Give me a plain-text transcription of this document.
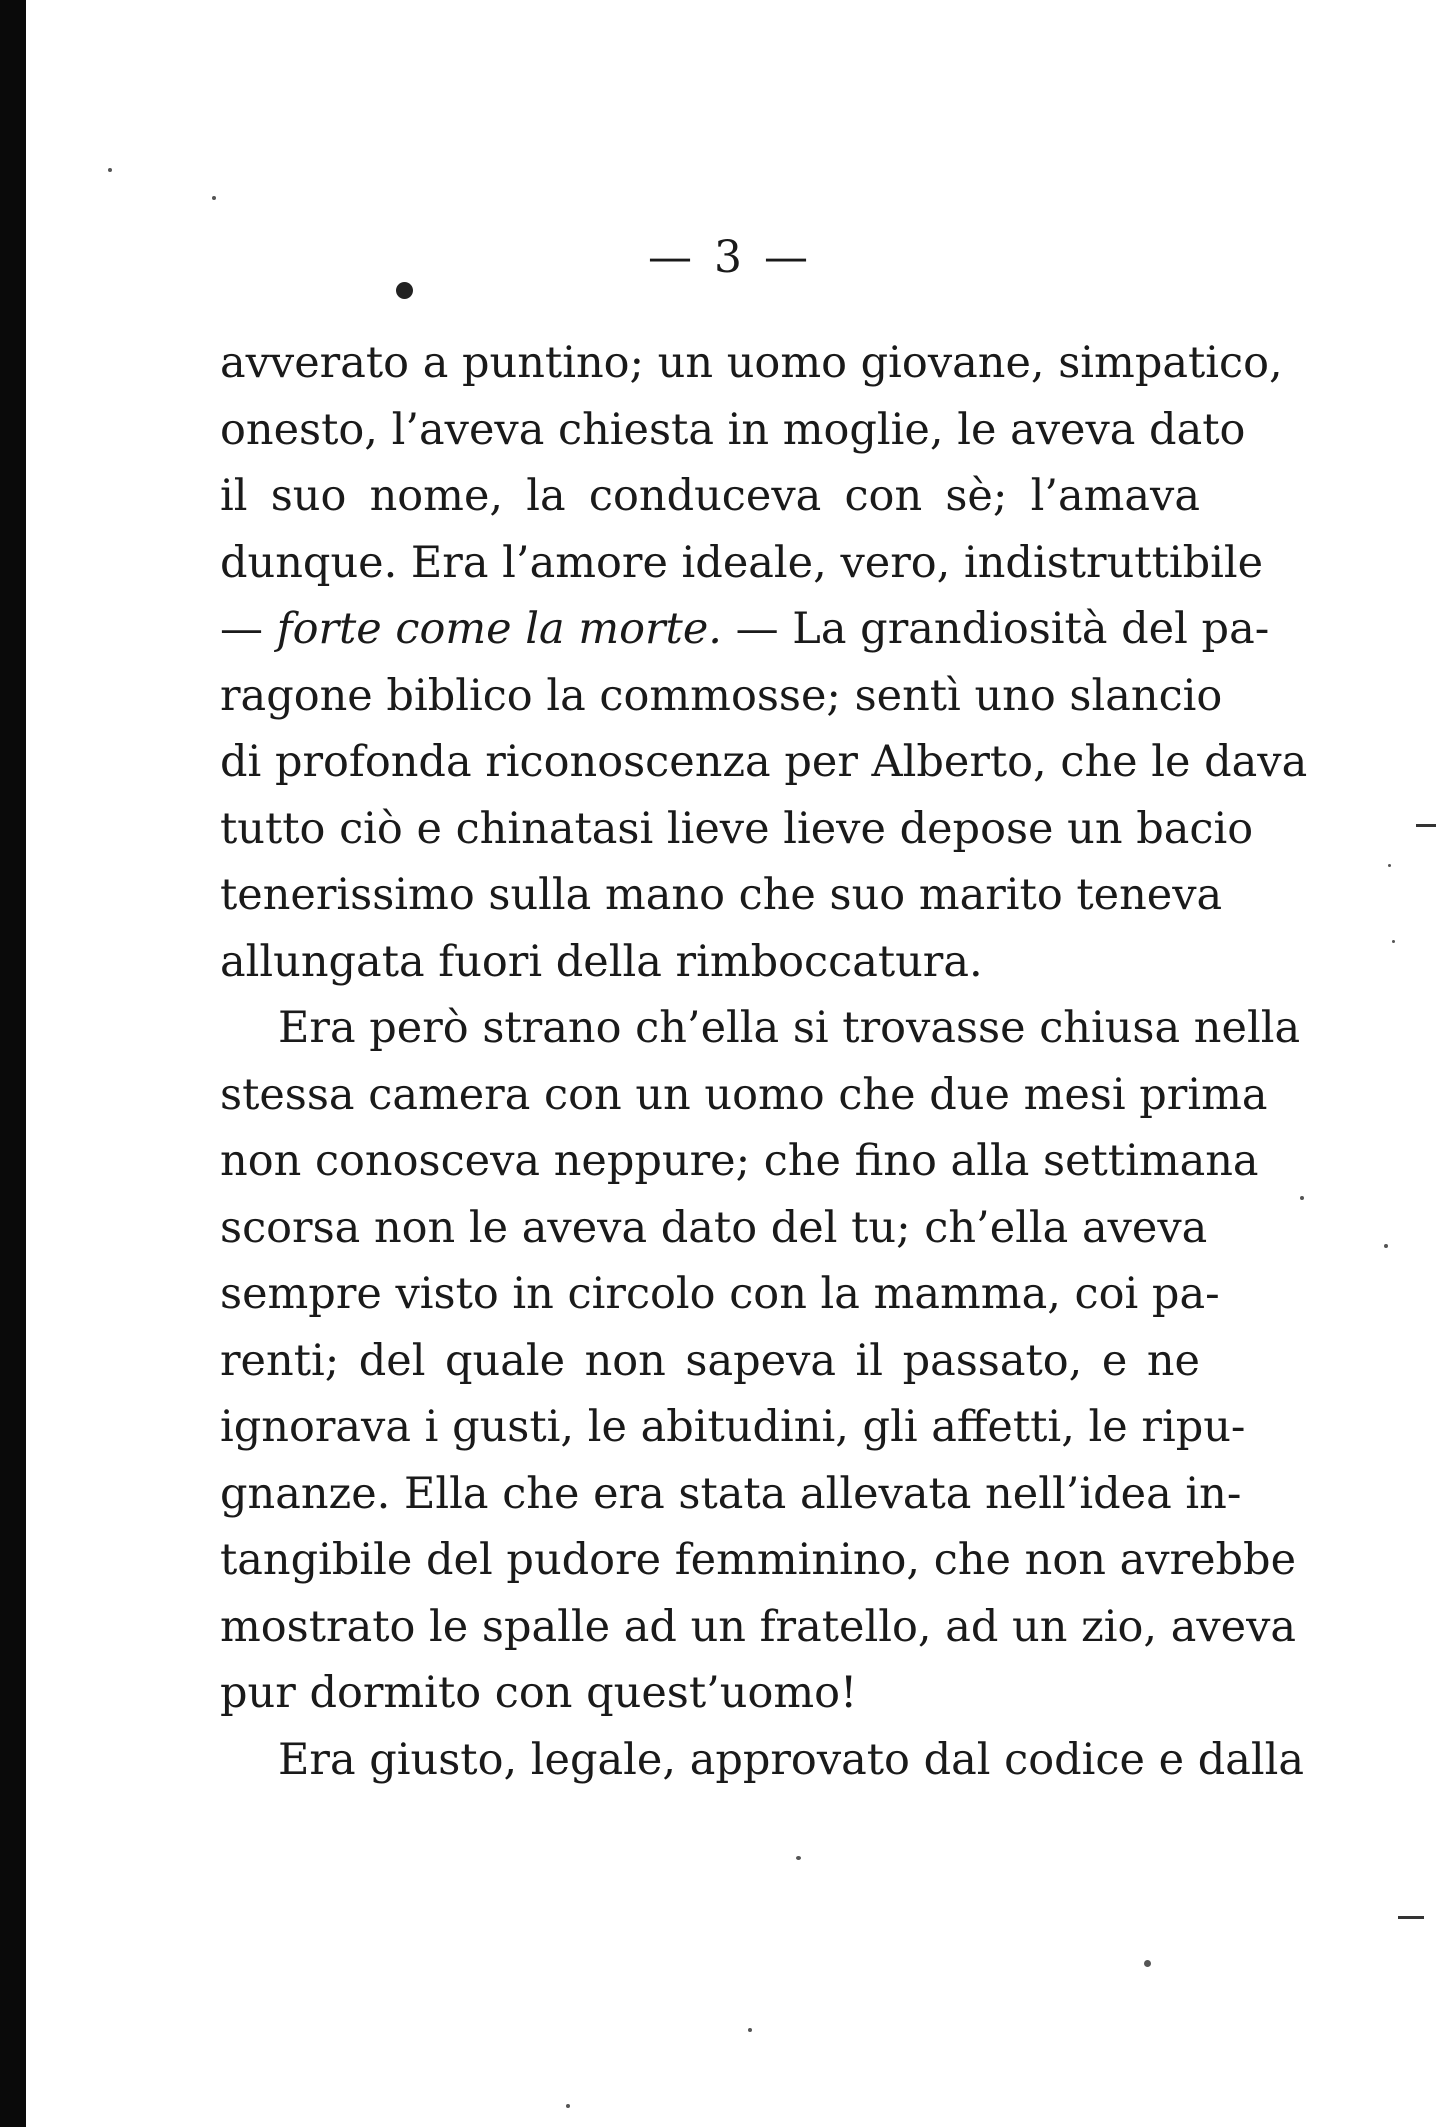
— 3 —
avverato a puntino; un uomo giovane, simpatico,
onesto, l’aveva chiesta in moglie, le aveva dato
il suo nome, la conduceva con sè; l’amava
dunque. Era l’amore ideale, vero, indistruttibile
— forte come la morte. — La grandiosità del pa-
ragone biblico la commosse; sentì uno slancio
di profonda riconoscenza per Alberto, che le dava
tutto ciò e chinatasi lieve lieve depose un bacio
tenerissimo sulla mano che suo marito teneva
allungata fuori della rimboccatura.
Era però strano ch’ella si trovasse chiusa nella
stessa camera con un uomo che due mesi prima
non conosceva neppure; che fino alla settimana
scorsa non le aveva dato del tu; ch’ella aveva
sempre visto in circolo con la mamma, coi pa-
renti; del quale non sapeva il passato, e ne
ignorava i gusti, le abitudini, gli affetti, le ripu-
gnanze. Ella che era stata allevata nell’idea in-
tangibile del pudore femminino, che non avrebbe
mostrato le spalle ad un fratello, ad un zio, aveva
pur dormito con quest’uomo!
Era giusto, legale, approvato dal codice e dalla
